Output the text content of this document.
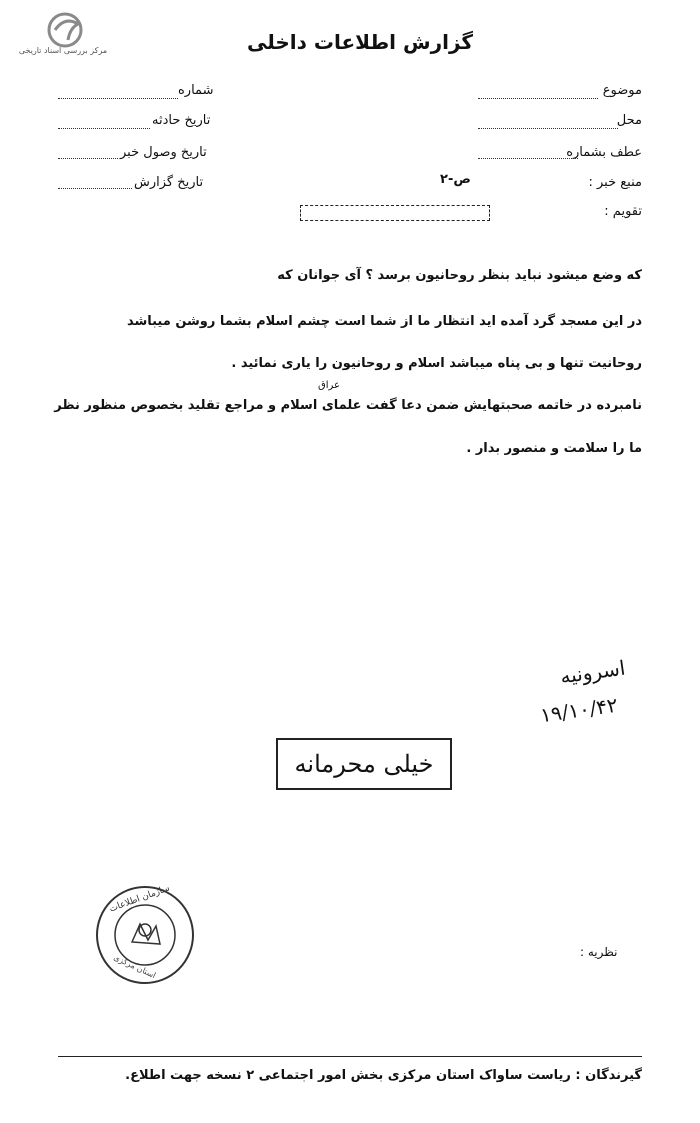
مرکز بررسی اسناد تاریخی	گزارش اطلاعات داخلی
موضوع
محل
عطف بشماره
منبع خبر :
ص-۲
تقویم :
شماره
تاریخ حادثه
تاریخ وصول خبر
تاریخ گزارش
که وضع میشود نباید بنظر روحانیون برسد ؟ آی جوانان که
در این مسجد گرد آمده اید انتظار ما از شما است چشم اسلام بشما روشن میباشد
روحانیت تنها و بی پناه میباشد اسلام و روحانیون را یاری نمائید .
عراق
نامبرده در خاتمه صحبتهایش ضمن دعا گفت علمای اسلام و مراجع تقلید بخصوص منظور نظر
ما را سلامت و منصور بدار .
اسرونیه
۱۹/۱۰/۴۲
خیلی محرمانه
سازمان اطلاعات
استان مرکزی
نظریه :
گیرندگان : ریاست ساواک استان مرکزی بخش امور اجتماعی ۲ نسخه جهت اطلاع.
